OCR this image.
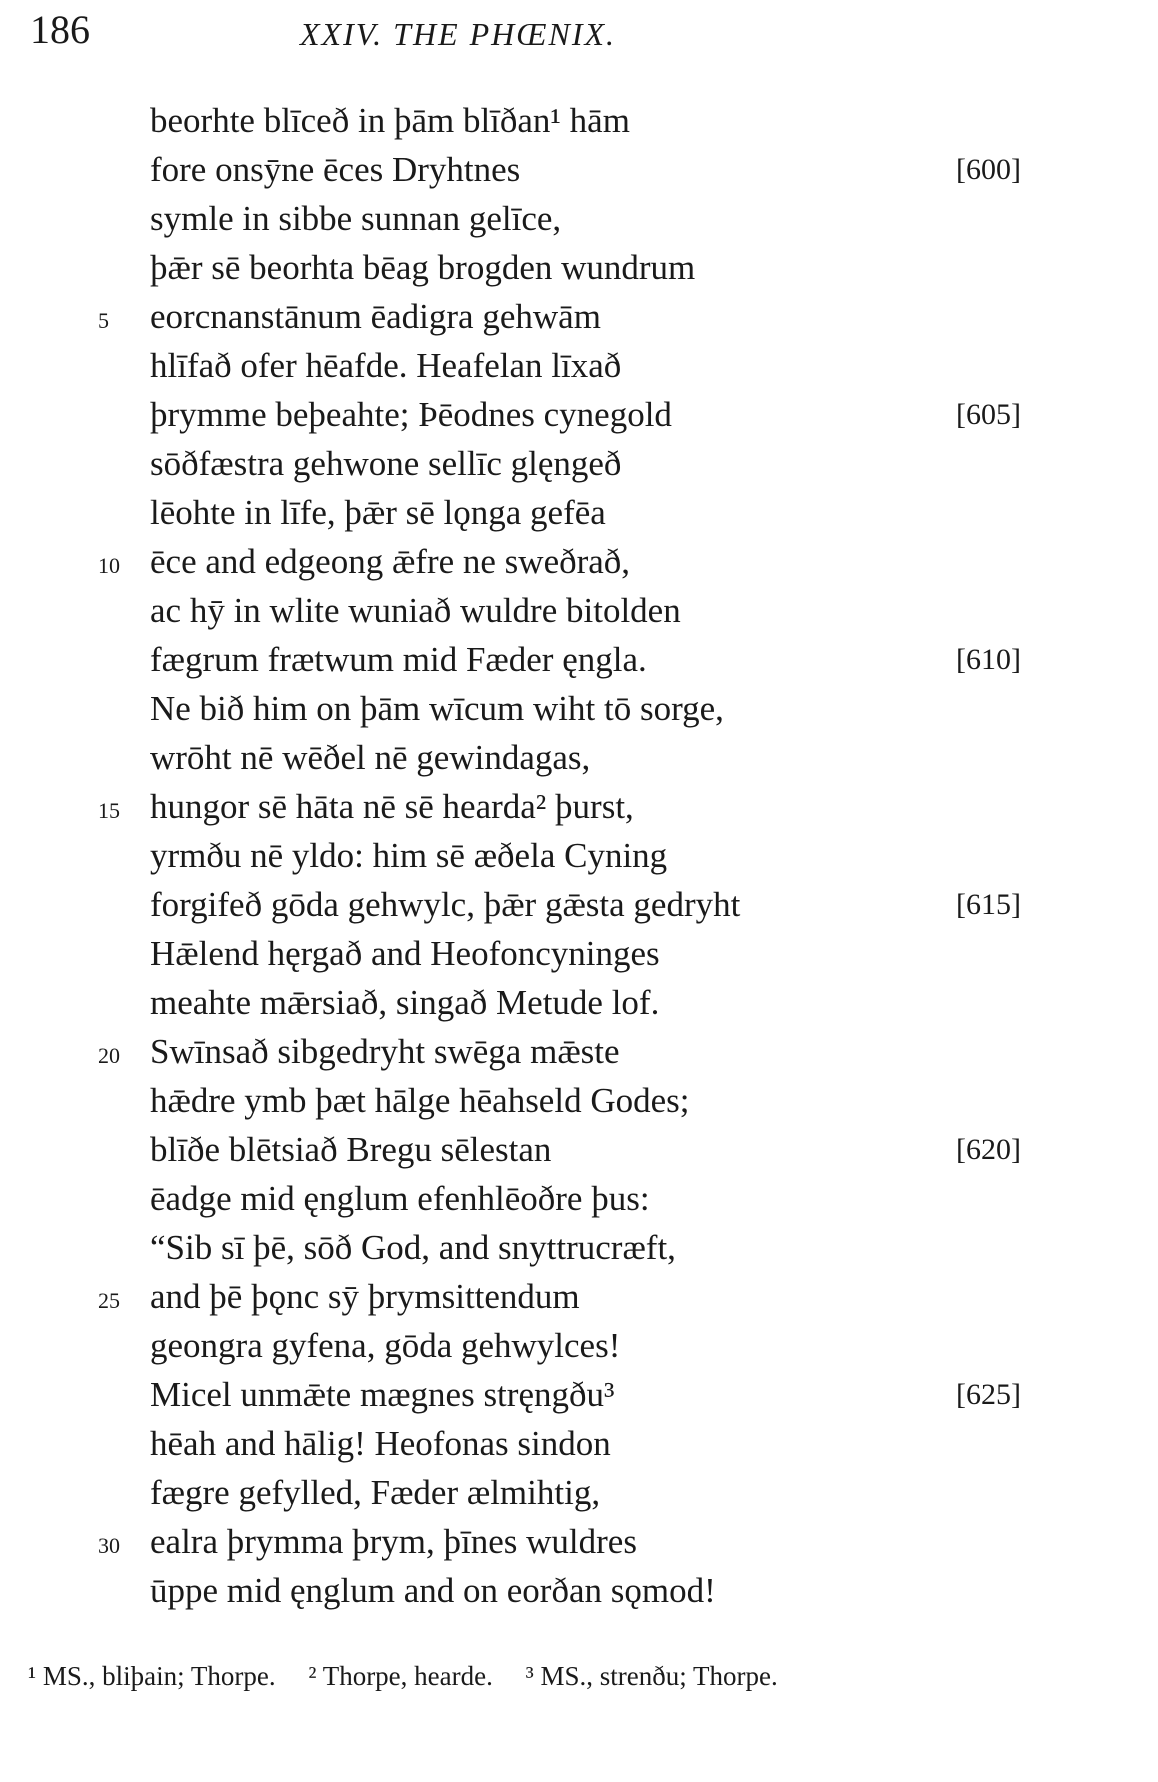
186	XXIV. THE PHŒNIX.
beorhte blīceð in þām blīðan¹ hām
fore onsȳne ēces Dryhtnes	[600]
symle in sibbe sunnan gelīce,
þǣr sē beorhta bēag brogden wundrum
5	eorcnanstānum ēadigra gehwām
hlīfað ofer hēafde. Heafelan līxað
þrymme beþeahte; Þēodnes cynegold	[605]
sōðfæstra gehwone sellīc glęngeð
lēohte in līfe, þǣr sē lǫnga gefēa
10 ēce and edgeong ǣfre ne sweðrað,
ac hȳ in wlite wuniað wuldre bitolden
fægrum frætwum mid Fæder ęngla.	[610]
Ne bið him on þām wīcum wiht tō sorge,
wrōht nē wēðel nē gewindagas,
15 hungor sē hāta nē sē hearda² þurst,
yrmðu nē yldo: him sē æðela Cyning
forgifeð gōda gehwylc, þǣr gǣsta gedryht	[615]
Hǣlend hęrgað and Heofoncyninges
meahte mǣrsiað, singað Metude lof.
20 Swīnsað sibgedryht swēga mǣste
hǣdre ymb þæt hālge hēahseld Godes;
blīðe blētsiað Bregu sēlestan	[620]
ēadge mid ęnglum efenhlēoðre þus:
“Sib sī þē, sōð God, and snyttrucræft,
25 and þē þǫnc sȳ þrymsittendum
geongra gyfena, gōda gehwylces!
Micel unmǣte mægnes stręngðu³	[625]
hēah and hālig! Heofonas sindon
fægre gefylled, Fæder ælmihtig,
30 ealra þrymma þrym, þīnes wuldres
ūppe mid ęnglum and on eorðan sǫmod!
¹ MS., bliþain; Thorpe. ² Thorpe, hearde. ³ MS., strenðu; Thorpe.
